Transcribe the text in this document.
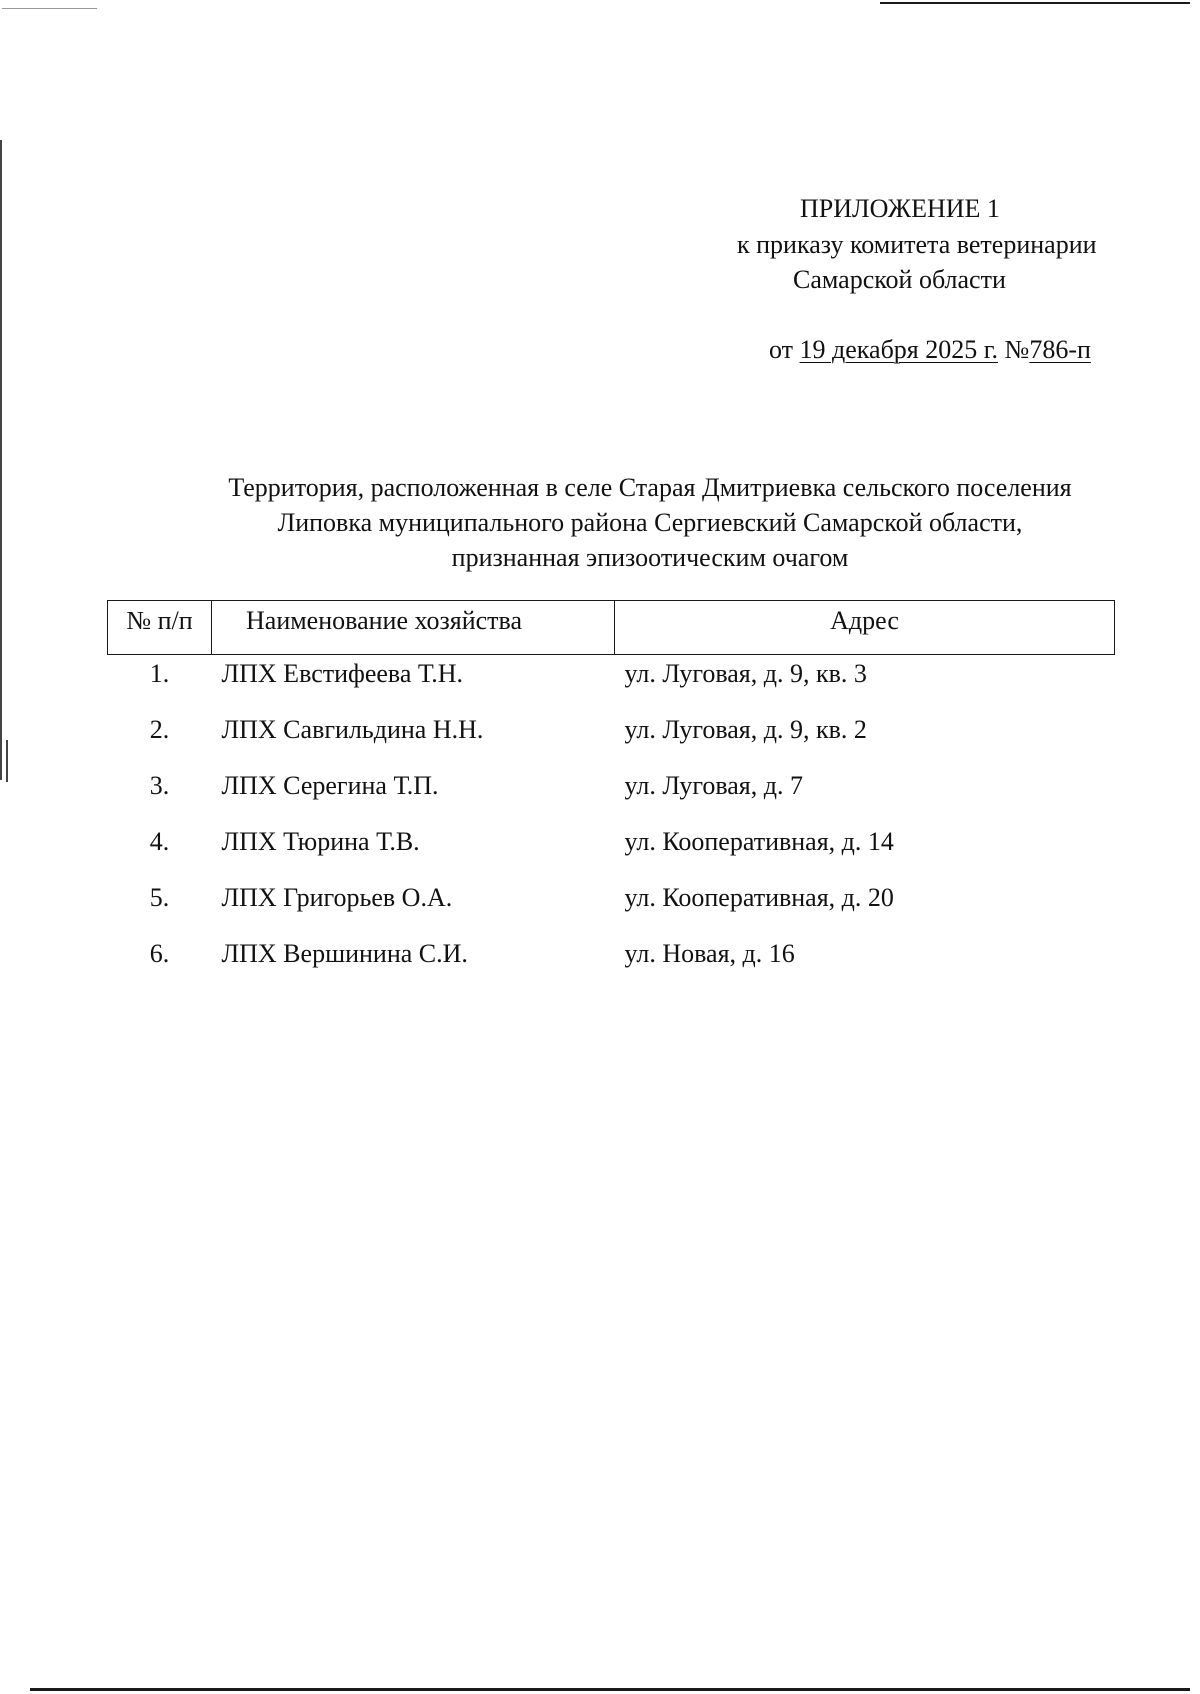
ПРИЛОЖЕНИЕ 1
к приказу комитета ветеринарии
Самарской области
от 19 декабря 2025 г. №786-п
Территория, расположенная в селе Старая Дмитриевка сельского поселения
Липовка муниципального района Сергиевский Самарской области,
признанная эпизоотическим очагом
№ п/п	Наименование хозяйства	Адрес
1.	ЛПХ Евстифеева Т.Н.	ул. Луговая, д. 9, кв. 3
2.	ЛПХ Савгильдина Н.Н.	ул. Луговая, д. 9, кв. 2
3.	ЛПХ Серегина Т.П.	ул. Луговая, д. 7
4.	ЛПХ Тюрина Т.В.	ул. Кооперативная, д. 14
5.	ЛПХ Григорьев О.А.	ул. Кооперативная, д. 20
6.	ЛПХ Вершинина С.И.	ул. Новая, д. 16
